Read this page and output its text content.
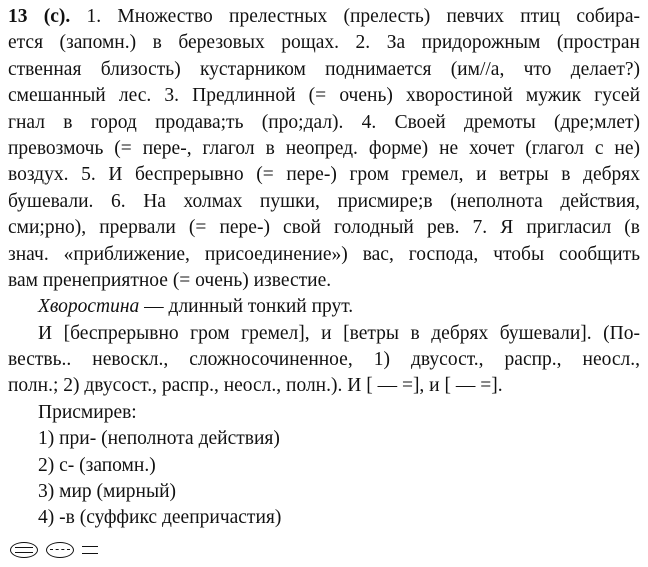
13 (с). 1. Множество прелестных (прелесть) певчих птиц собира-
ется (запомн.) в березовых рощах. 2. За придорожным (простран
ственная близость) кустарником поднимается (им//а, что делает?)
смешанный лес. 3. Предлинной (= очень) хворостиной мужик гусей
гнал в город продава;ть (про;дал). 4. Своей дремоты (дре;млет)
превозмочь (= пере-, глагол в неопред. форме) не хочет (глагол с не)
воздух. 5. И беспрерывно (= пере-) гром гремел, и ветры в дебрях
бушевали. 6. На холмах пушки, присмире;в (неполнота действия,
сми;рно), прервали (= пере-) свой голодный рев. 7. Я пригласил (в
знач. «приближение, присоединение») вас, господа, чтобы сообщить
вам пренеприятное (= очень) известие.
Хворостина — длинный тонкий прут.
И [беспрерывно гром гремел], и [ветры в дебрях бушевали]. (По-
вествь.. невоскл., сложносочиненное, 1) двусост., распр., неосл.,
полн.; 2) двусост., распр., неосл., полн.). И [ — =], и [ — =].
Присмирев:
1) при- (неполнота действия)
2) с- (запомн.)
3) мир (мирный)
4) -в (суффикс деепричастия)
